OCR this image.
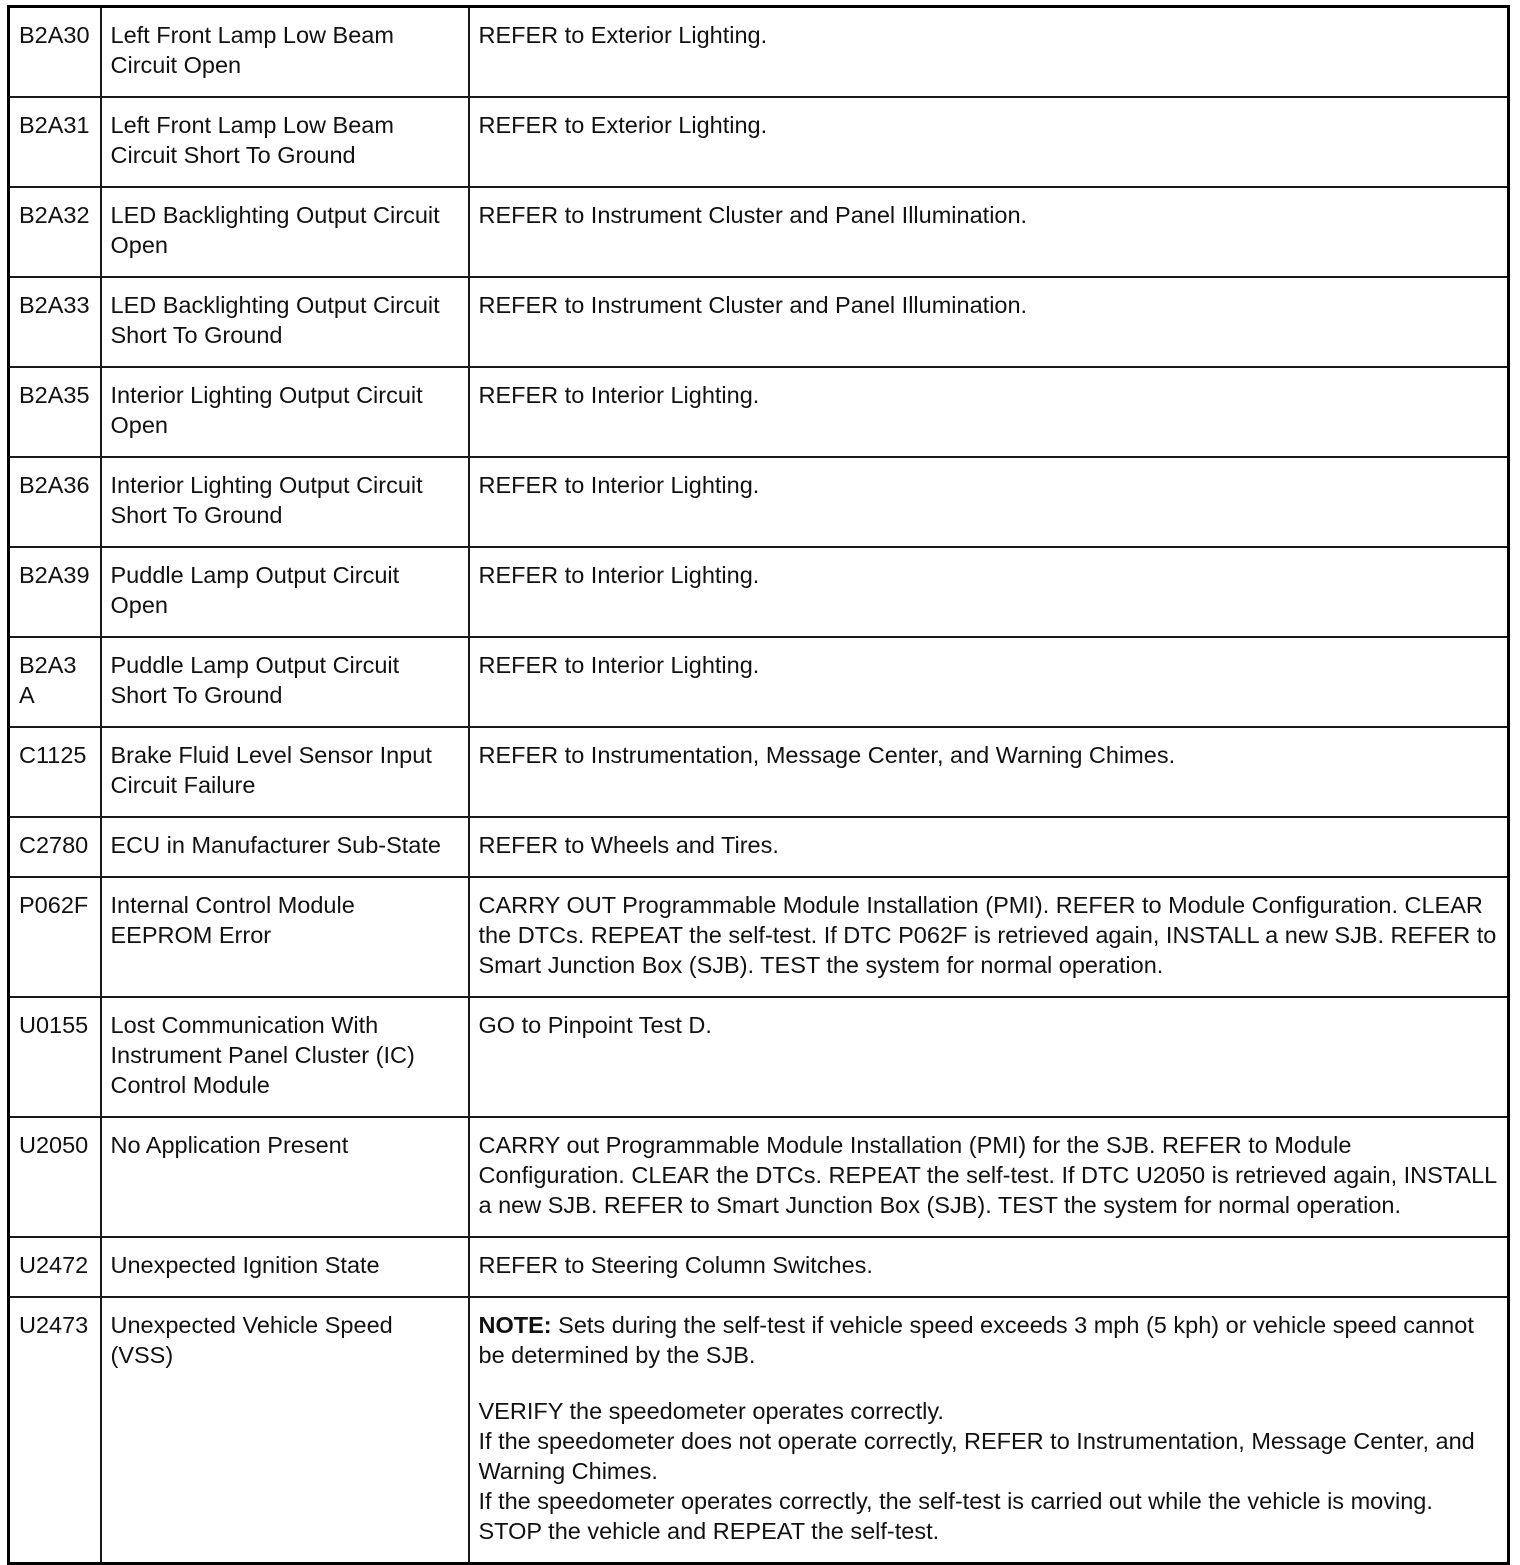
B2A30	Left Front Lamp Low Beam Circuit Open	REFER to Exterior Lighting.

B2A31	Left Front Lamp Low Beam Circuit Short To Ground	REFER to Exterior Lighting.

B2A32	LED Backlighting Output Circuit Open	REFER to Instrument Cluster and Panel Illumination.

B2A33	LED Backlighting Output Circuit Short To Ground	REFER to Instrument Cluster and Panel Illumination.

B2A35	Interior Lighting Output Circuit Open	REFER to Interior Lighting.

B2A36	Interior Lighting Output Circuit Short To Ground	REFER to Interior Lighting.

B2A39	Puddle Lamp Output Circuit Open	REFER to Interior Lighting.

B2A3A	Puddle Lamp Output Circuit Short To Ground	REFER to Interior Lighting.

C1125	Brake Fluid Level Sensor Input Circuit Failure	REFER to Instrumentation, Message Center, and Warning Chimes.

C2780	ECU in Manufacturer Sub-State	REFER to Wheels and Tires.

P062F	Internal Control Module EEPROM Error	CARRY OUT Programmable Module Installation (PMI). REFER to Module Configuration. CLEAR the DTCs. REPEAT the self-test. If DTC P062F is retrieved again, INSTALL a new SJB. REFER to Smart Junction Box (SJB). TEST the system for normal operation.

U0155	Lost Communication With Instrument Panel Cluster (IC) Control Module	GO to Pinpoint Test D.

U2050	No Application Present	CARRY out Programmable Module Installation (PMI) for the SJB. REFER to Module Configuration. CLEAR the DTCs. REPEAT the self-test. If DTC U2050 is retrieved again, INSTALL a new SJB. REFER to Smart Junction Box (SJB). TEST the system for normal operation.

U2472	Unexpected Ignition State	REFER to Steering Column Switches.

U2473	Unexpected Vehicle Speed (VSS)	NOTE: Sets during the self-test if vehicle speed exceeds 3 mph (5 kph) or vehicle speed cannot be determined by the SJB.
VERIFY the speedometer operates correctly.
If the speedometer does not operate correctly, REFER to Instrumentation, Message Center, and Warning Chimes.
If the speedometer operates correctly, the self-test is carried out while the vehicle is moving. STOP the vehicle and REPEAT the self-test.
